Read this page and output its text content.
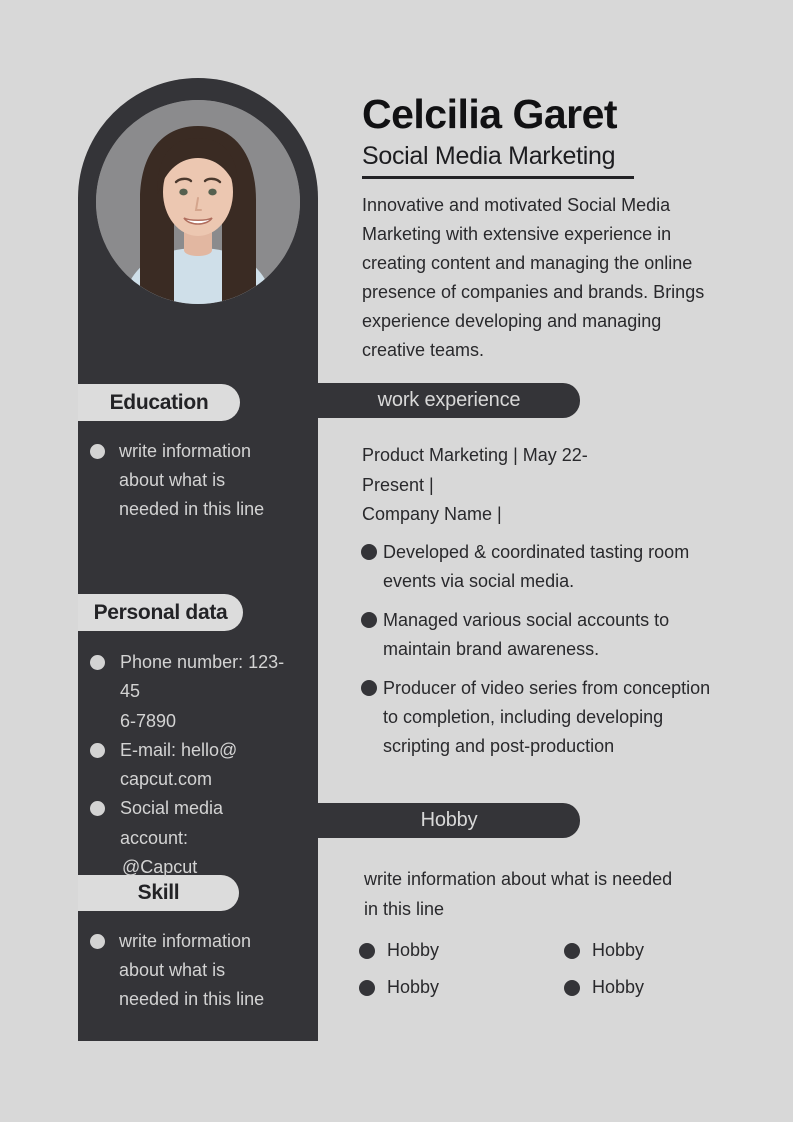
Education
Personal data
Skill
write information about what is needed in this line
Phone number: 123-45
6-7890
E-mail: hello@
capcut.com
Social media account:
@Capcut
write information about what is needed in this line
Celcilia Garet
Social Media Marketing
Innovative and motivated Social Media Marketing with extensive experience in creating content and managing the online presence of companies and brands. Brings experience developing and managing creative teams.
work experience
Product Marketing | May 22-
Present |
Company Name |
Developed & coordinated tasting room events via social media.
Managed various social accounts to maintain brand awareness.
Producer of video series from conception to completion, including developing scripting and post-production
Hobby
write information about what is needed in this line
Hobby	Hobby
Hobby	Hobby
